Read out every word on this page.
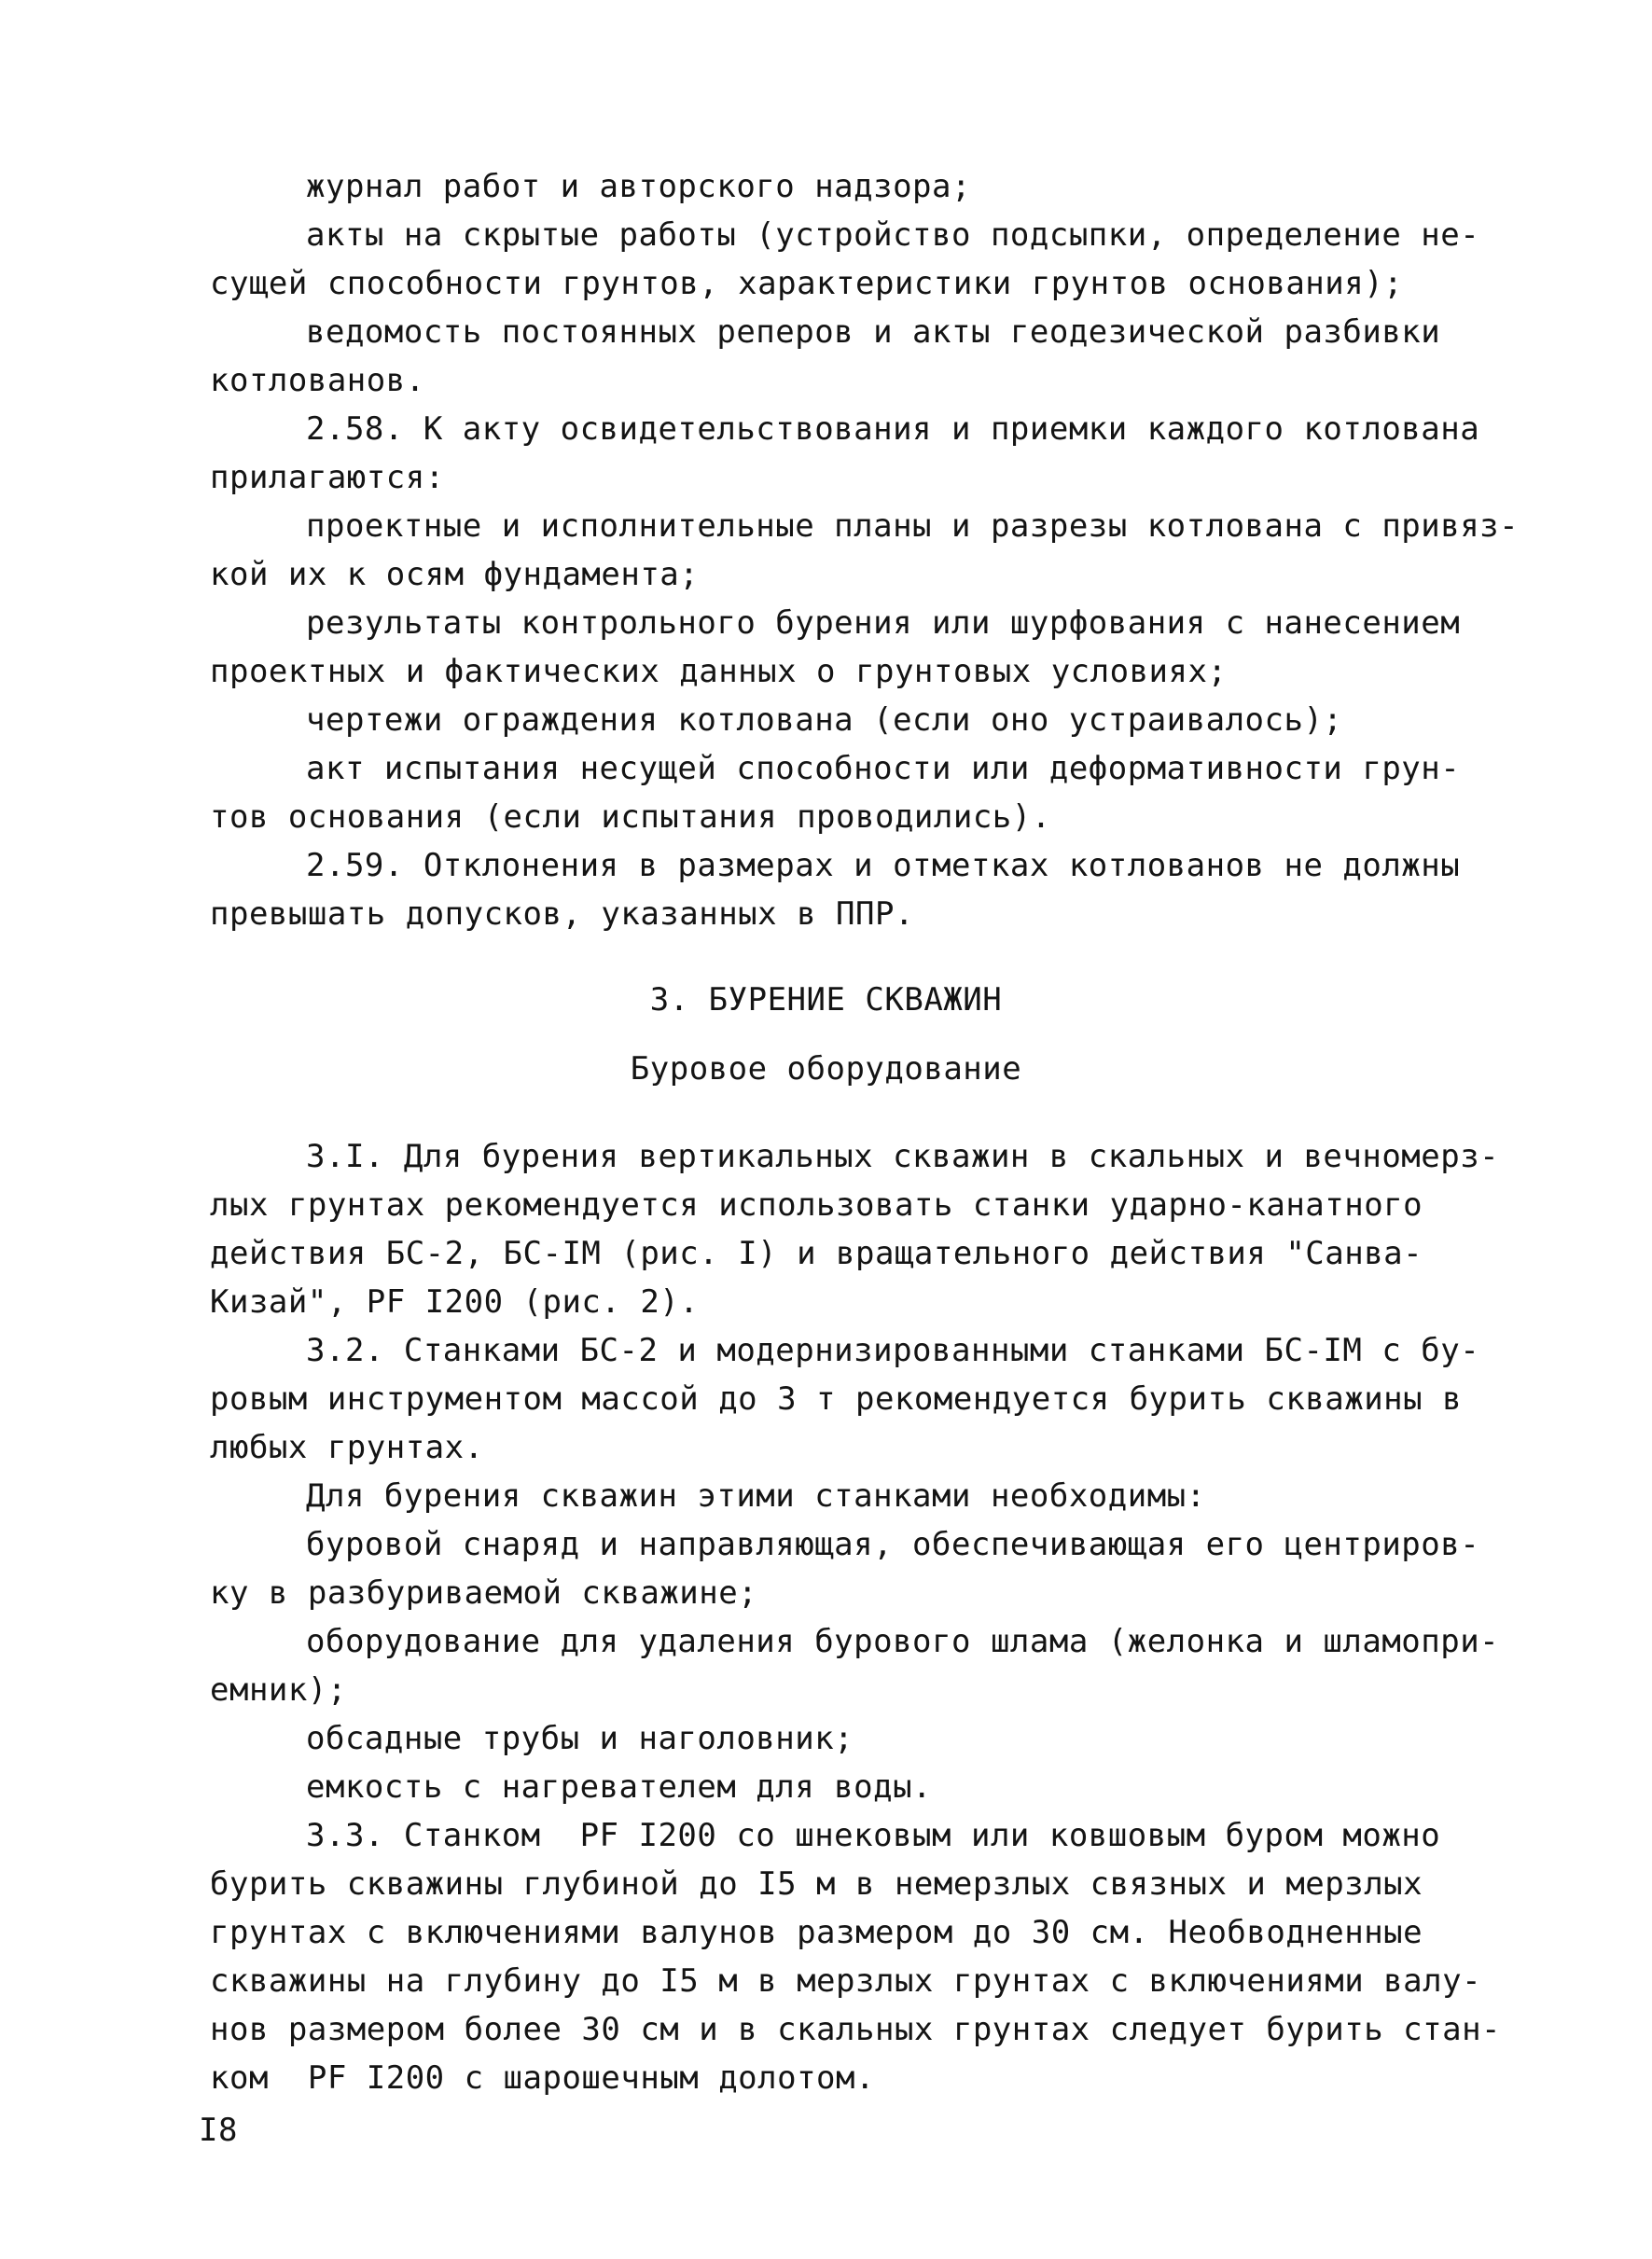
журнал работ и авторского надзора;
акты на скрытые работы (устройство подсыпки, определение не-
сущей способности грунтов, характеристики грунтов основания);
ведомость постоянных реперов и акты геодезической разбивки
котлованов.
2.58. К акту освидетельствования и приемки каждого котлована
прилагаются:
проектные и исполнительные планы и разрезы котлована с привяз-
кой их к осям фундамента;
результаты контрольного бурения или шурфования с нанесением
проектных и фактических данных о грунтовых условиях;
чертежи ограждения котлована (если оно устраивалось);
акт испытания несущей способности или деформативности грун-
тов основания (если испытания проводились).
2.59. Отклонения в размерах и отметках котлованов не должны
превышать допусков, указанных в ППР.
3. БУРЕНИЕ СКВАЖИН
Буровое оборудование
3.I. Для бурения вертикальных скважин в скальных и вечномерз-
лых грунтах рекомендуется использовать станки ударно-канатного
действия БС-2, БС-IМ (рис. I) и вращательного действия "Санва-
Кизай", PF I200 (рис. 2).
3.2. Станками БС-2 и модернизированными станками БС-IМ с бу-
ровым инструментом массой до 3 т рекомендуется бурить скважины в
любых грунтах.
Для бурения скважин этими станками необходимы:
буровой снаряд и направляющая, обеспечивающая его центриров-
ку в разбуриваемой скважине;
оборудование для удаления бурового шлама (желонка и шламопри-
емник);
обсадные трубы и наголовник;
емкость с нагревателем для воды.
3.3. Станком  PF I200 со шнековым или ковшовым буром можно
бурить скважины глубиной до I5 м в немерзлых связных и мерзлых
грунтах с включениями валунов размером до 30 см. Необводненные
скважины на глубину до I5 м в мерзлых грунтах с включениями валу-
нов размером более 30 см и в скальных грунтах следует бурить стан-
ком  PF I200 с шарошечным долотом.
I8
